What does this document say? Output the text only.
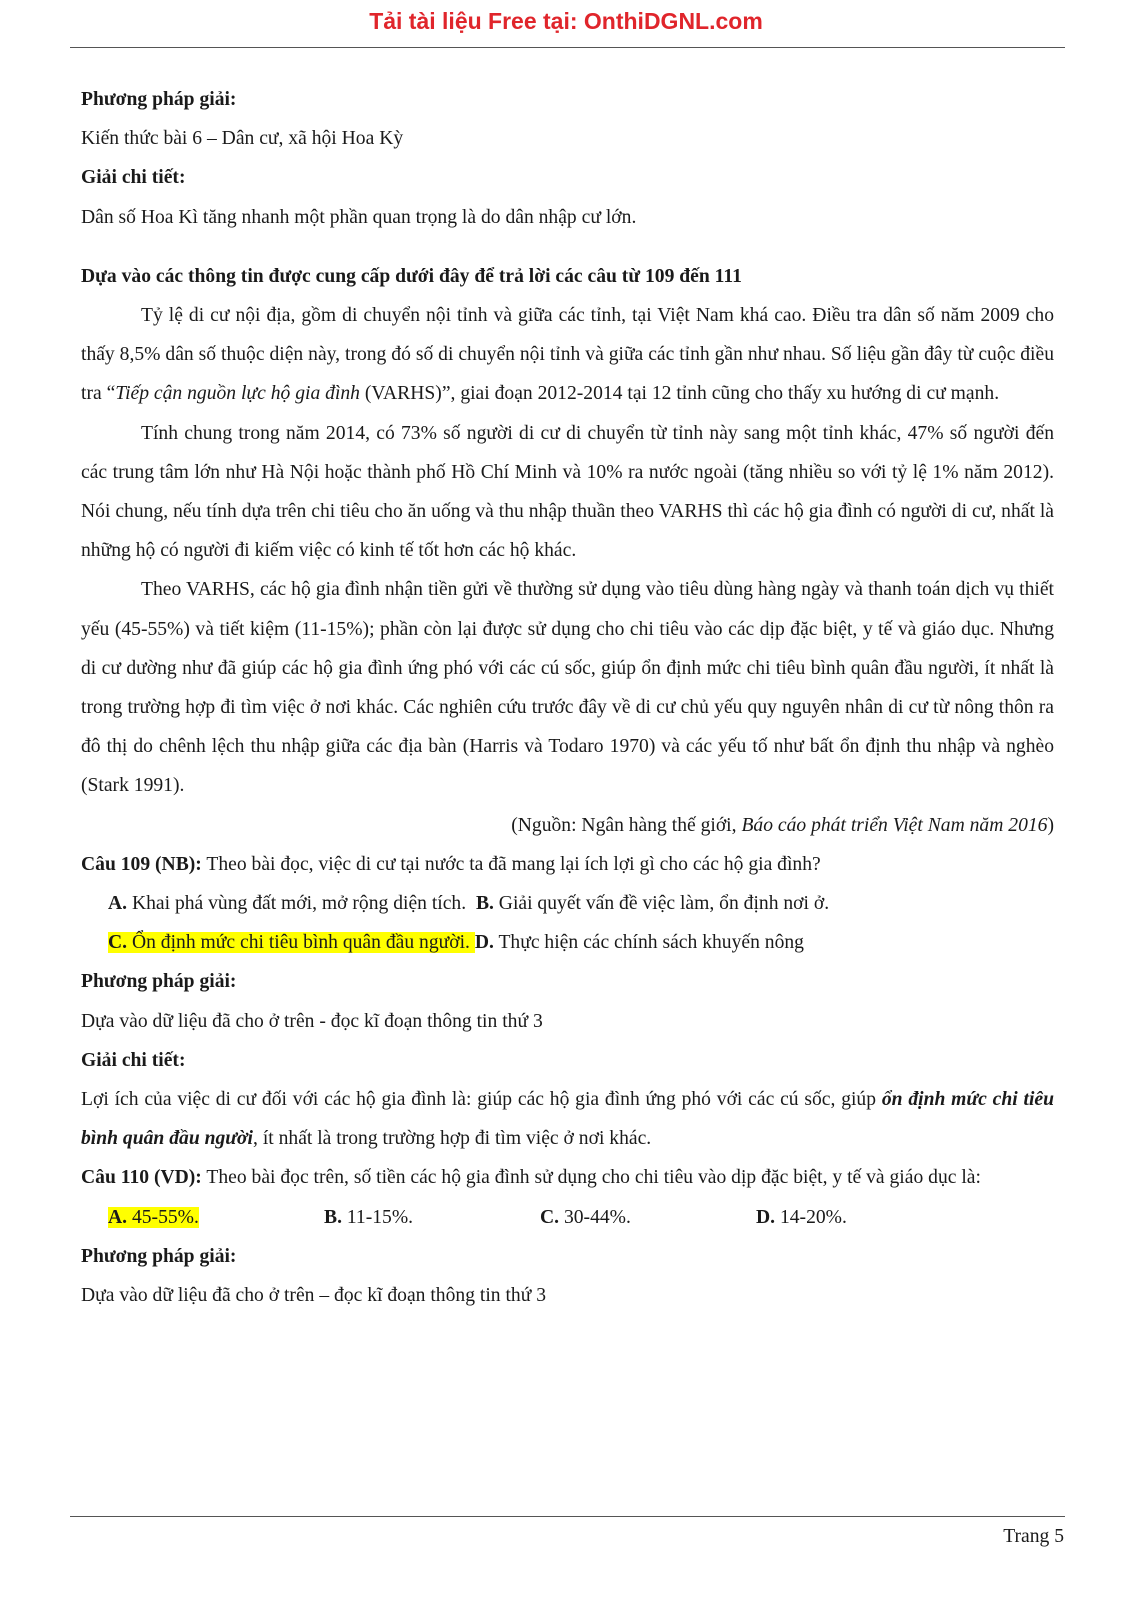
Tải tài liệu Free tại: OnthiDGNL.com

Phương pháp giải:

Kiến thức bài 6 – Dân cư, xã hội Hoa Kỳ

Giải chi tiết:

Dân số Hoa Kì tăng nhanh một phần quan trọng là do dân nhập cư lớn.

Dựa vào các thông tin được cung cấp dưới đây để trả lời các câu từ 109 đến 111

Tỷ lệ di cư nội địa, gồm di chuyển nội tỉnh và giữa các tỉnh, tại Việt Nam khá cao. Điều tra dân số năm 2009 cho thấy 8,5% dân số thuộc diện này, trong đó số di chuyển nội tỉnh và giữa các tỉnh gần như nhau. Số liệu gần đây từ cuộc điều tra “Tiếp cận nguồn lực hộ gia đình (VARHS)”, giai đoạn 2012-2014 tại 12 tỉnh cũng cho thấy xu hướng di cư mạnh.

Tính chung trong năm 2014, có 73% số người di cư di chuyển từ tỉnh này sang một tỉnh khác, 47% số người đến các trung tâm lớn như Hà Nội hoặc thành phố Hồ Chí Minh và 10% ra nước ngoài (tăng nhiều so với tỷ lệ 1% năm 2012). Nói chung, nếu tính dựa trên chi tiêu cho ăn uống và thu nhập thuần theo VARHS thì các hộ gia đình có người di cư, nhất là những hộ có người đi kiếm việc có kinh tế tốt hơn các hộ khác.

Theo VARHS, các hộ gia đình nhận tiền gửi về thường sử dụng vào tiêu dùng hàng ngày và thanh toán dịch vụ thiết yếu (45-55%) và tiết kiệm (11-15%); phần còn lại được sử dụng cho chi tiêu vào các dịp đặc biệt, y tế và giáo dục. Nhưng di cư dường như đã giúp các hộ gia đình ứng phó với các cú sốc, giúp ổn định mức chi tiêu bình quân đầu người, ít nhất là trong trường hợp đi tìm việc ở nơi khác. Các nghiên cứu trước đây về di cư chủ yếu quy nguyên nhân di cư từ nông thôn ra đô thị do chênh lệch thu nhập giữa các địa bàn (Harris và Todaro 1970) và các yếu tố như bất ổn định thu nhập và nghèo (Stark 1991).

(Nguồn: Ngân hàng thế giới, Báo cáo phát triển Việt Nam năm 2016)

Câu 109 (NB): Theo bài đọc, việc di cư tại nước ta đã mang lại ích lợi gì cho các hộ gia đình?

A. Khai phá vùng đất mới, mở rộng diện tích. B. Giải quyết vấn đề việc làm, ổn định nơi ở.

C. Ổn định mức chi tiêu bình quân đầu người. D. Thực hiện các chính sách khuyến nông

Phương pháp giải:

Dựa vào dữ liệu đã cho ở trên - đọc kĩ đoạn thông tin thứ 3

Giải chi tiết:

Lợi ích của việc di cư đối với các hộ gia đình là: giúp các hộ gia đình ứng phó với các cú sốc, giúp ổn định mức chi tiêu bình quân đầu người, ít nhất là trong trường hợp đi tìm việc ở nơi khác.

Câu 110 (VD): Theo bài đọc trên, số tiền các hộ gia đình sử dụng cho chi tiêu vào dịp đặc biệt, y tế và giáo dục là:

A. 45-55%.	B. 11-15%.	C. 30-44%.	D. 14-20%.

Phương pháp giải:

Dựa vào dữ liệu đã cho ở trên – đọc kĩ đoạn thông tin thứ 3

Trang 5
